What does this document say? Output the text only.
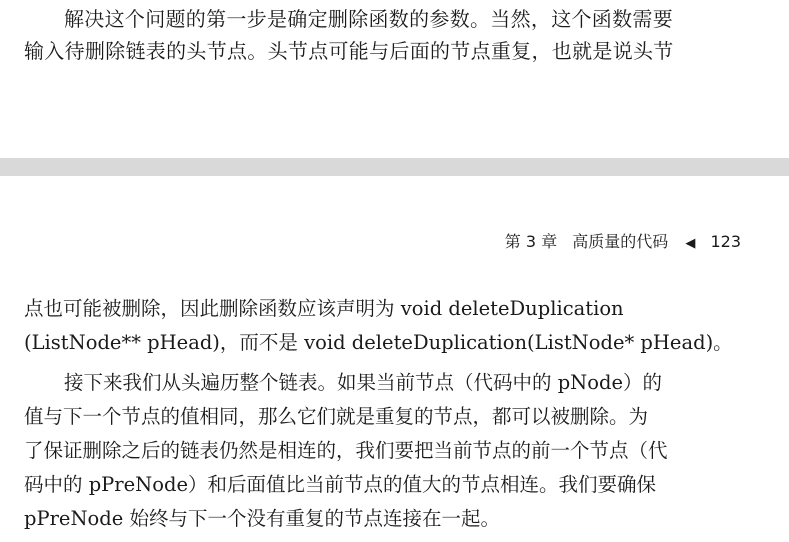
解决这个问题的第一步是确定删除函数的参数。当然，这个函数需要
输入待删除链表的头节点。头节点可能与后面的节点重复，也就是说头节
第 3 章 高质量的代码 ◀ 123
点也可能被删除，因此删除函数应该声明为 void deleteDuplication
(ListNode** pHead)，而不是 void deleteDuplication(ListNode* pHead)。
接下来我们从头遍历整个链表。如果当前节点（代码中的 pNode）的
值与下一个节点的值相同，那么它们就是重复的节点，都可以被删除。为
了保证删除之后的链表仍然是相连的，我们要把当前节点的前一个节点（代
码中的 pPreNode）和后面值比当前节点的值大的节点相连。我们要确保
pPreNode 始终与下一个没有重复的节点连接在一起。
